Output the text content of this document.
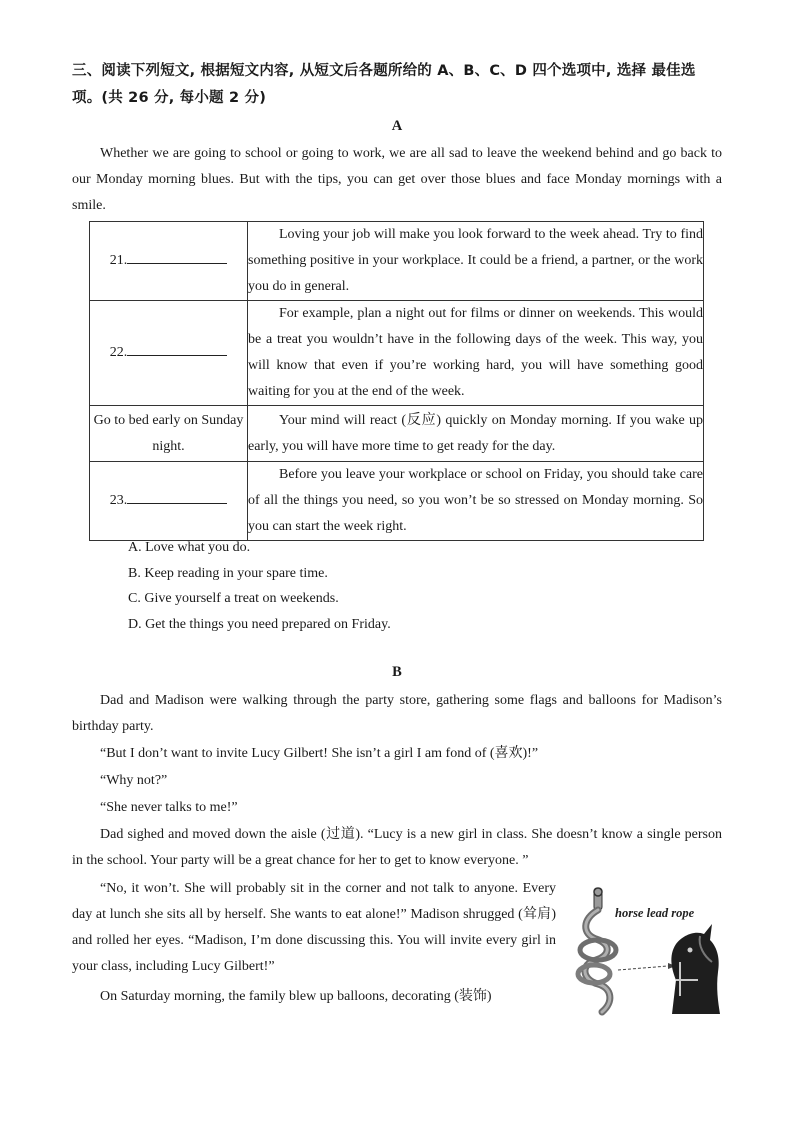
三、阅读下列短文, 根据短文内容, 从短文后各题所给的 A、B、C、D 四个选项中, 选择 最佳选项。(共 26 分, 每小题 2 分)
A
Whether we are going to school or going to work, we are all sad to leave the weekend behind and go back to our Monday morning blues. But with the tips, you can get over those blues and face Monday mornings with a smile.
21.	Loving your job will make you look forward to the week ahead. Try to find something positive in your workplace. It could be a friend, a partner, or the work you do in general.
22.	For example, plan a night out for films or dinner on weekends. This would be a treat you wouldn’t have in the following days of the week. This way, you will know that even if you’re working hard, you will have something good waiting for you at the end of the week.
Go to bed early on Sunday night.	Your mind will react (反应) quickly on Monday morning. If you wake up early, you will have more time to get ready for the day.
23.	Before you leave your workplace or school on Friday, you should take care of all the things you need, so you won’t be so stressed on Monday morning. So you can start the week right.
A. Love what you do.
B. Keep reading in your spare time.
C. Give yourself a treat on weekends.
D. Get the things you need prepared on Friday.
B
Dad and Madison were walking through the party store, gathering some flags and balloons for Madison’s birthday party.
“But I don’t want to invite Lucy Gilbert! She isn’t a girl I am fond of (喜欢)!”
“Why not?”
“She never talks to me!”
Dad sighed and moved down the aisle (过道). “Lucy is a new girl in class. She doesn’t know a single person in the school. Your party will be a great chance for her to get to know everyone. ”
“No, it won’t. She will probably sit in the corner and not talk to anyone. Every day at lunch she sits all by herself. She wants to eat alone!” Madison shrugged (耸肩) and rolled her eyes. “Madison, I’m done discussing this. You will invite every girl in your class, including Lucy Gilbert!”
On Saturday morning, the family blew up balloons, decorating (装饰)
horse lead rope
